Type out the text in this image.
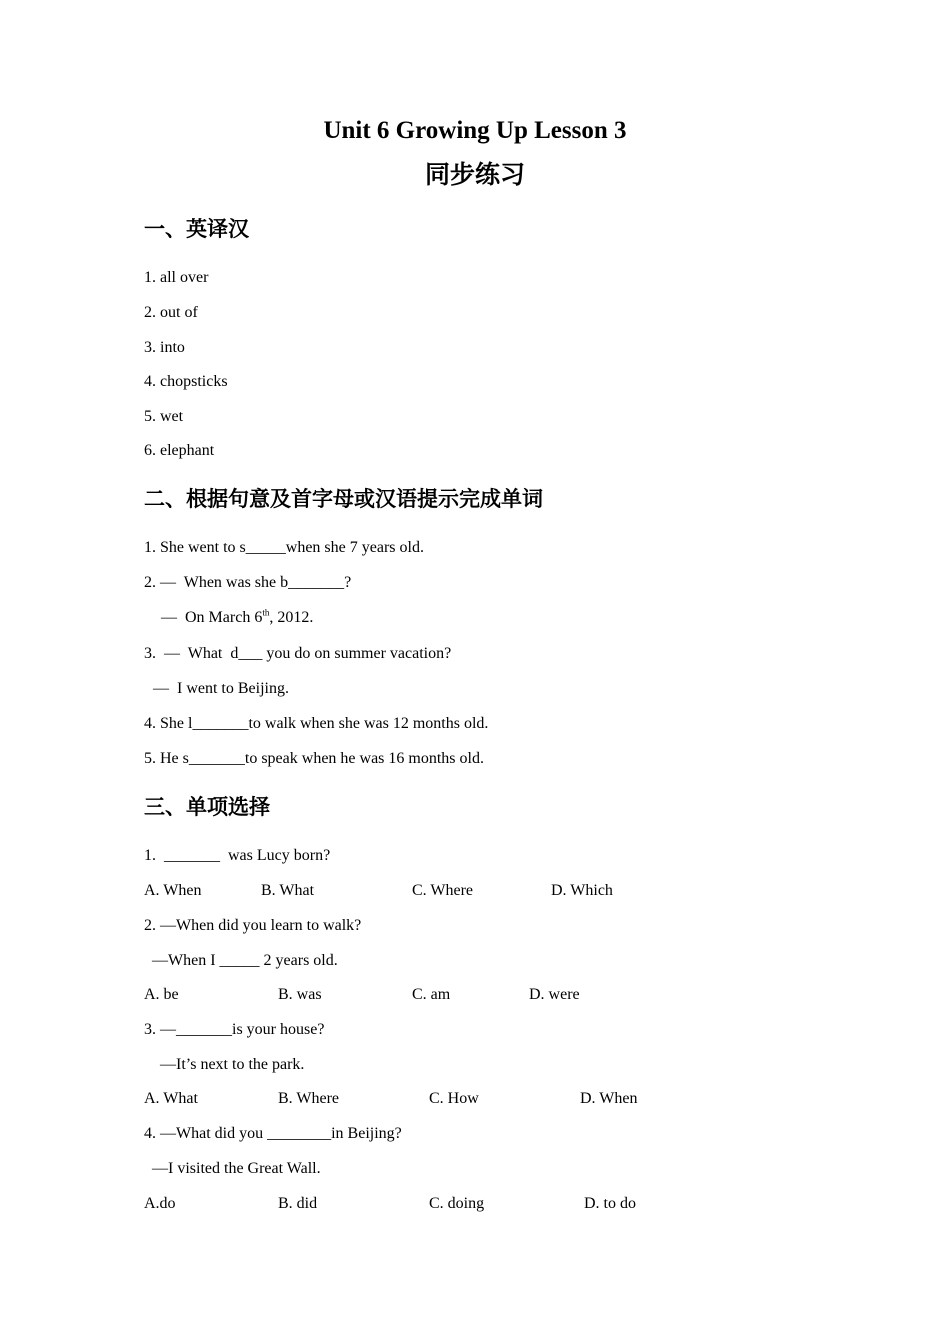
Unit 6 Growing Up Lesson 3
同步练习
一、英译汉
1. all over
2. out of
3. into
4. chopsticks
5. wet
6. elephant
二、根据句意及首字母或汉语提示完成单词
1. She went to s_____when she 7 years old.
2. —  When was she b_______?
—  On March 6th, 2012.
3.  —  What  d___ you do on summer vacation?
—  I went to Beijing.
4. She l_______to walk when she was 12 months old.
5. He s_______to speak when he was 16 months old.
三、单项选择
1.  _______  was Lucy born?
A. When	B. What	C. Where	D. Which
2. —When did you learn to walk?
—When I _____ 2 years old.
A. be	B. was	C. am	D. were
3. —_______is your house?
—It’s next to the park.
A. What	B. Where	C. How	D. When
4. —What did you ________in Beijing?
—I visited the Great Wall.
A.do	B. did	C. doing	D. to do
